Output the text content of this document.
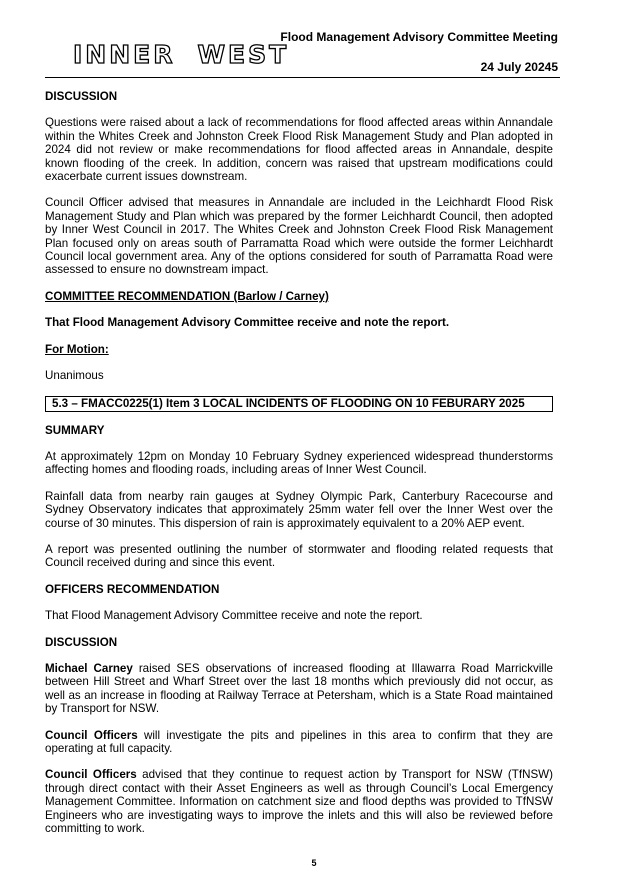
INNER WEST
Flood Management Advisory Committee Meeting
24 July 20245
DISCUSSION

Questions were raised about a lack of recommendations for flood affected areas within Annandale within the Whites Creek and Johnston Creek Flood Risk Management Study and Plan adopted in 2024 did not review or make recommendations for flood affected areas in Annandale, despite known flooding of the creek. In addition, concern was raised that upstream modifications could exacerbate current issues downstream.

Council Officer advised that measures in Annandale are included in the Leichhardt Flood Risk Management Study and Plan which was prepared by the former Leichhardt Council, then adopted by Inner West Council in 2017. The Whites Creek and Johnston Creek Flood Risk Management Plan focused only on areas south of Parramatta Road which were outside the former Leichhardt Council local government area. Any of the options considered for south of Parramatta Road were assessed to ensure no downstream impact.

COMMITTEE RECOMMENDATION (Barlow / Carney)

That Flood Management Advisory Committee receive and note the report.

For Motion:

Unanimous

5.3 – FMACC0225(1) Item 3 LOCAL INCIDENTS OF FLOODING ON 10 FEBURARY 2025
SUMMARY

At approximately 12pm on Monday 10 February Sydney experienced widespread thunderstorms affecting homes and flooding roads, including areas of Inner West Council.

Rainfall data from nearby rain gauges at Sydney Olympic Park, Canterbury Racecourse and Sydney Observatory indicates that approximately 25mm water fell over the Inner West over the course of 30 minutes. This dispersion of rain is approximately equivalent to a 20% AEP event.

A report was presented outlining the number of stormwater and flooding related requests that Council received during and since this event.

OFFICERS RECOMMENDATION

That Flood Management Advisory Committee receive and note the report.

DISCUSSION

Michael Carney raised SES observations of increased flooding at Illawarra Road Marrickville between Hill Street and Wharf Street over the last 18 months which previously did not occur, as well as an increase in flooding at Railway Terrace at Petersham, which is a State Road maintained by Transport for NSW.

Council Officers will investigate the pits and pipelines in this area to confirm that they are operating at full capacity.

Council Officers advised that they continue to request action by Transport for NSW (TfNSW) through direct contact with their Asset Engineers as well as through Council’s Local Emergency Management Committee. Information on catchment size and flood depths was provided to TfNSW Engineers who are investigating ways to improve the inlets and this will also be reviewed before committing to work.

5
